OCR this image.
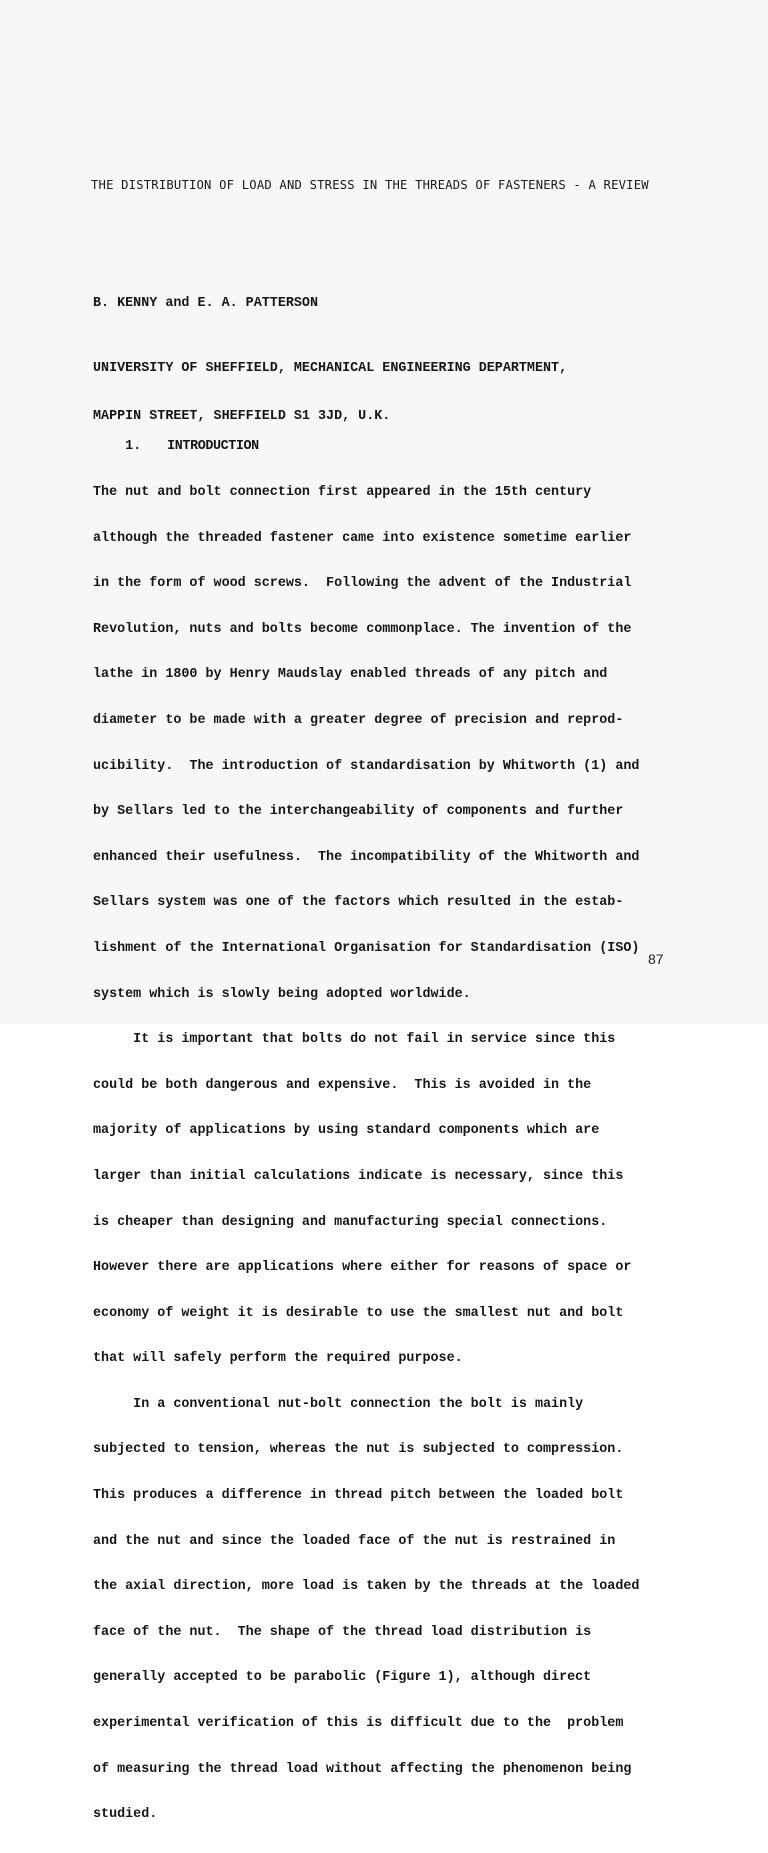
THE DISTRIBUTION OF LOAD AND STRESS IN THE THREADS OF FASTENERS - A REVIEW
B. KENNY and E. A. PATTERSON

UNIVERSITY OF SHEFFIELD, MECHANICAL ENGINEERING DEPARTMENT,

MAPPIN STREET, SHEFFIELD S1 3JD, U.K.

1. INTRODUCTION

The nut and bolt connection first appeared in the 15th century

although the threaded fastener came into existence sometime earlier

in the form of wood screws.  Following the advent of the Industrial

Revolution, nuts and bolts become commonplace. The invention of the

lathe in 1800 by Henry Maudslay enabled threads of any pitch and

diameter to be made with a greater degree of precision and reprod-

ucibility.  The introduction of standardisation by Whitworth (1) and

by Sellars led to the interchangeability of components and further

enhanced their usefulness.  The incompatibility of the Whitworth and

Sellars system was one of the factors which resulted in the estab-

lishment of the International Organisation for Standardisation (ISO)

system which is slowly being adopted worldwide.

It is important that bolts do not fail in service since this

could be both dangerous and expensive.  This is avoided in the

majority of applications by using standard components which are

larger than initial calculations indicate is necessary, since this

is cheaper than designing and manufacturing special connections.

However there are applications where either for reasons of space or

economy of weight it is desirable to use the smallest nut and bolt

that will safely perform the required purpose.

In a conventional nut-bolt connection the bolt is mainly

subjected to tension, whereas the nut is subjected to compression.

This produces a difference in thread pitch between the loaded bolt

and the nut and since the loaded face of the nut is restrained in

the axial direction, more load is taken by the threads at the loaded

face of the nut.  The shape of the thread load distribution is

generally accepted to be parabolic (Figure 1), although direct

experimental verification of this is difficult due to the  problem

of measuring the thread load without affecting the phenomenon being

studied.

87
